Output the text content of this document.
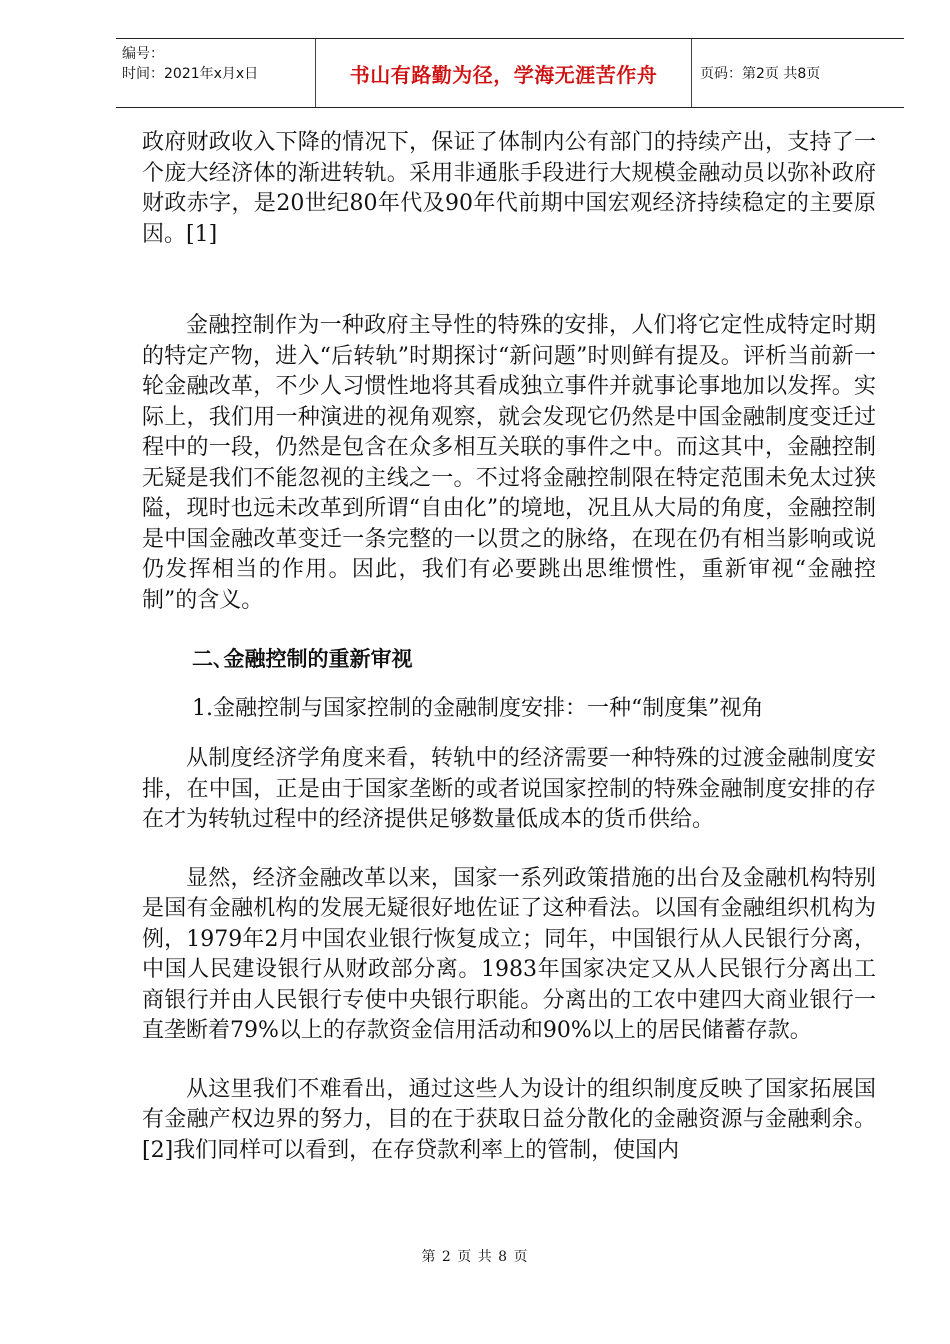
编号：
时间：2021年x月x日	书山有路勤为径，学海无涯苦作舟	页码：第2页 共8页

政府财政收入下降的情况下，保证了体制内公有部门的持续产出，支持了一个庞大经济体的渐进转轨。采用非通胀手段进行大规模金融动员以弥补政府财政赤字，是20世纪80年代及90年代前期中国宏观经济持续稳定的主要原因。[1]

金融控制作为一种政府主导性的特殊的安排，人们将它定性成特定时期的特定产物，进入“后转轨”时期探讨“新问题”时则鲜有提及。评析当前新一轮金融改革，不少人习惯性地将其看成独立事件并就事论事地加以发挥。实际上，我们用一种演进的视角观察，就会发现它仍然是中国金融制度变迁过程中的一段，仍然是包含在众多相互关联的事件之中。而这其中，金融控制无疑是我们不能忽视的主线之一。不过将金融控制限在特定范围未免太过狭隘，现时也远未改革到所谓“自由化”的境地，况且从大局的角度，金融控制是中国金融改革变迁一条完整的一以贯之的脉络，在现在仍有相当影响或说仍发挥相当的作用。因此，我们有必要跳出思维惯性，重新审视“金融控制”的含义。

二､金融控制的重新审视

1.金融控制与国家控制的金融制度安排：一种“制度集”视角

从制度经济学角度来看，转轨中的经济需要一种特殊的过渡金融制度安排，在中国，正是由于国家垄断的或者说国家控制的特殊金融制度安排的存在才为转轨过程中的经济提供足够数量低成本的货币供给。

显然，经济金融改革以来，国家一系列政策措施的出台及金融机构特别是国有金融机构的发展无疑很好地佐证了这种看法。以国有金融组织机构为例，1979年2月中国农业银行恢复成立；同年，中国银行从人民银行分离，中国人民建设银行从财政部分离。1983年国家决定又从人民银行分离出工商银行并由人民银行专使中央银行职能。分离出的工农中建四大商业银行一直垄断着79%以上的存款资金信用活动和90%以上的居民储蓄存款。

从这里我们不难看出，通过这些人为设计的组织制度反映了国家拓展国有金融产权边界的努力，目的在于获取日益分散化的金融资源与金融剩余。[2]我们同样可以看到，在存贷款利率上的管制，使国内

第 2 页 共 8 页
